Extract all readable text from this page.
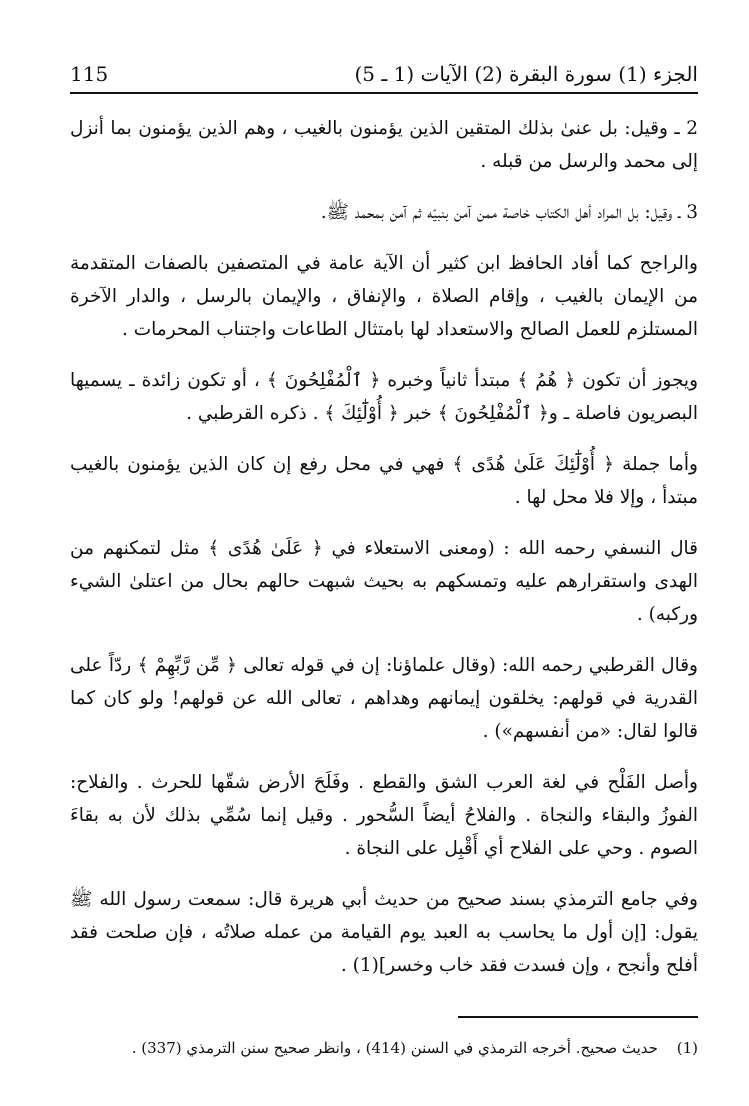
115	الجزء (1) سورة البقرة (2) الآيات (1 ـ 5)

2 ـ وقيل: بل عنىٰ بذلك المتقين الذين يؤمنون بالغيب ، وهم الذين يؤمنون بما أنزل إلى محمد والرسل من قبله .

3 ـ وقيل: بل المراد أهل الكتاب خاصة ممن آمن بنبيّه ثم آمن بمحمد ﷺ.

والراجح كما أفاد الحافظ ابن كثير أن الآية عامة في المتصفين بالصفات المتقدمة من الإيمان بالغيب ، وإقام الصلاة ، والإنفاق ، والإيمان بالرسل ، والدار الآخرة المستلزم للعمل الصالح والاستعداد لها بامتثال الطاعات واجتناب المحرمات .

ويجوز أن تكون ﴿ هُمُ ﴾ مبتدأ ثانياً وخبره ﴿ ٱلْمُفْلِحُونَ ﴾ ، أو تكون زائدة ـ يسميها البصريون فاصلة ـ و﴿ ٱلْمُفْلِحُونَ ﴾ خبر ﴿ أُوْلَٰٓئِكَ ﴾ . ذكره القرطبي .

وأما جملة ﴿ أُوْلَٰٓئِكَ عَلَىٰ هُدًى ﴾ فهي في محل رفع إن كان الذين يؤمنون بالغيب مبتدأ ، وإلا فلا محل لها .

قال النسفي رحمه الله : (ومعنى الاستعلاء في ﴿ عَلَىٰ هُدًى ﴾ مثل لتمكنهم من الهدى واستقرارهم عليه وتمسكهم به بحيث شبهت حالهم بحال من اعتلىٰ الشيء وركبه) .

وقال القرطبي رحمه الله: (وقال علماؤنا: إن في قوله تعالى ﴿ مِّن رَّبِّهِمْ ﴾ ردّاً على القدرية في قولهم: يخلقون إيمانهم وهداهم ، تعالى الله عن قولهم! ولو كان كما قالوا لقال: «من أنفسهم») .

وأصل الفَلْح في لغة العرب الشق والقطع . وفَلَحَ الأرض شقّها للحرث . والفلاح: الفوزُ والبقاء والنجاة . والفلاحُ أيضاً السُّحور . وقيل إنما سُمِّي بذلك لأن به بقاءَ الصوم . وحي على الفلاح أي أَقْبِل على النجاة .

وفي جامع الترمذي بسند صحيح من حديث أبي هريرة قال: سمعت رسول الله ﷺ يقول: [إن أول ما يحاسب به العبد يوم القيامة من عمله صلاتُه ، فإن صلحت فقد أفلح وأنجح ، وإن فسدت فقد خاب وخسر](1) .

(1) حديث صحيح. أخرجه الترمذي في السنن (414) ، وانظر صحيح سنن الترمذي (337) .
